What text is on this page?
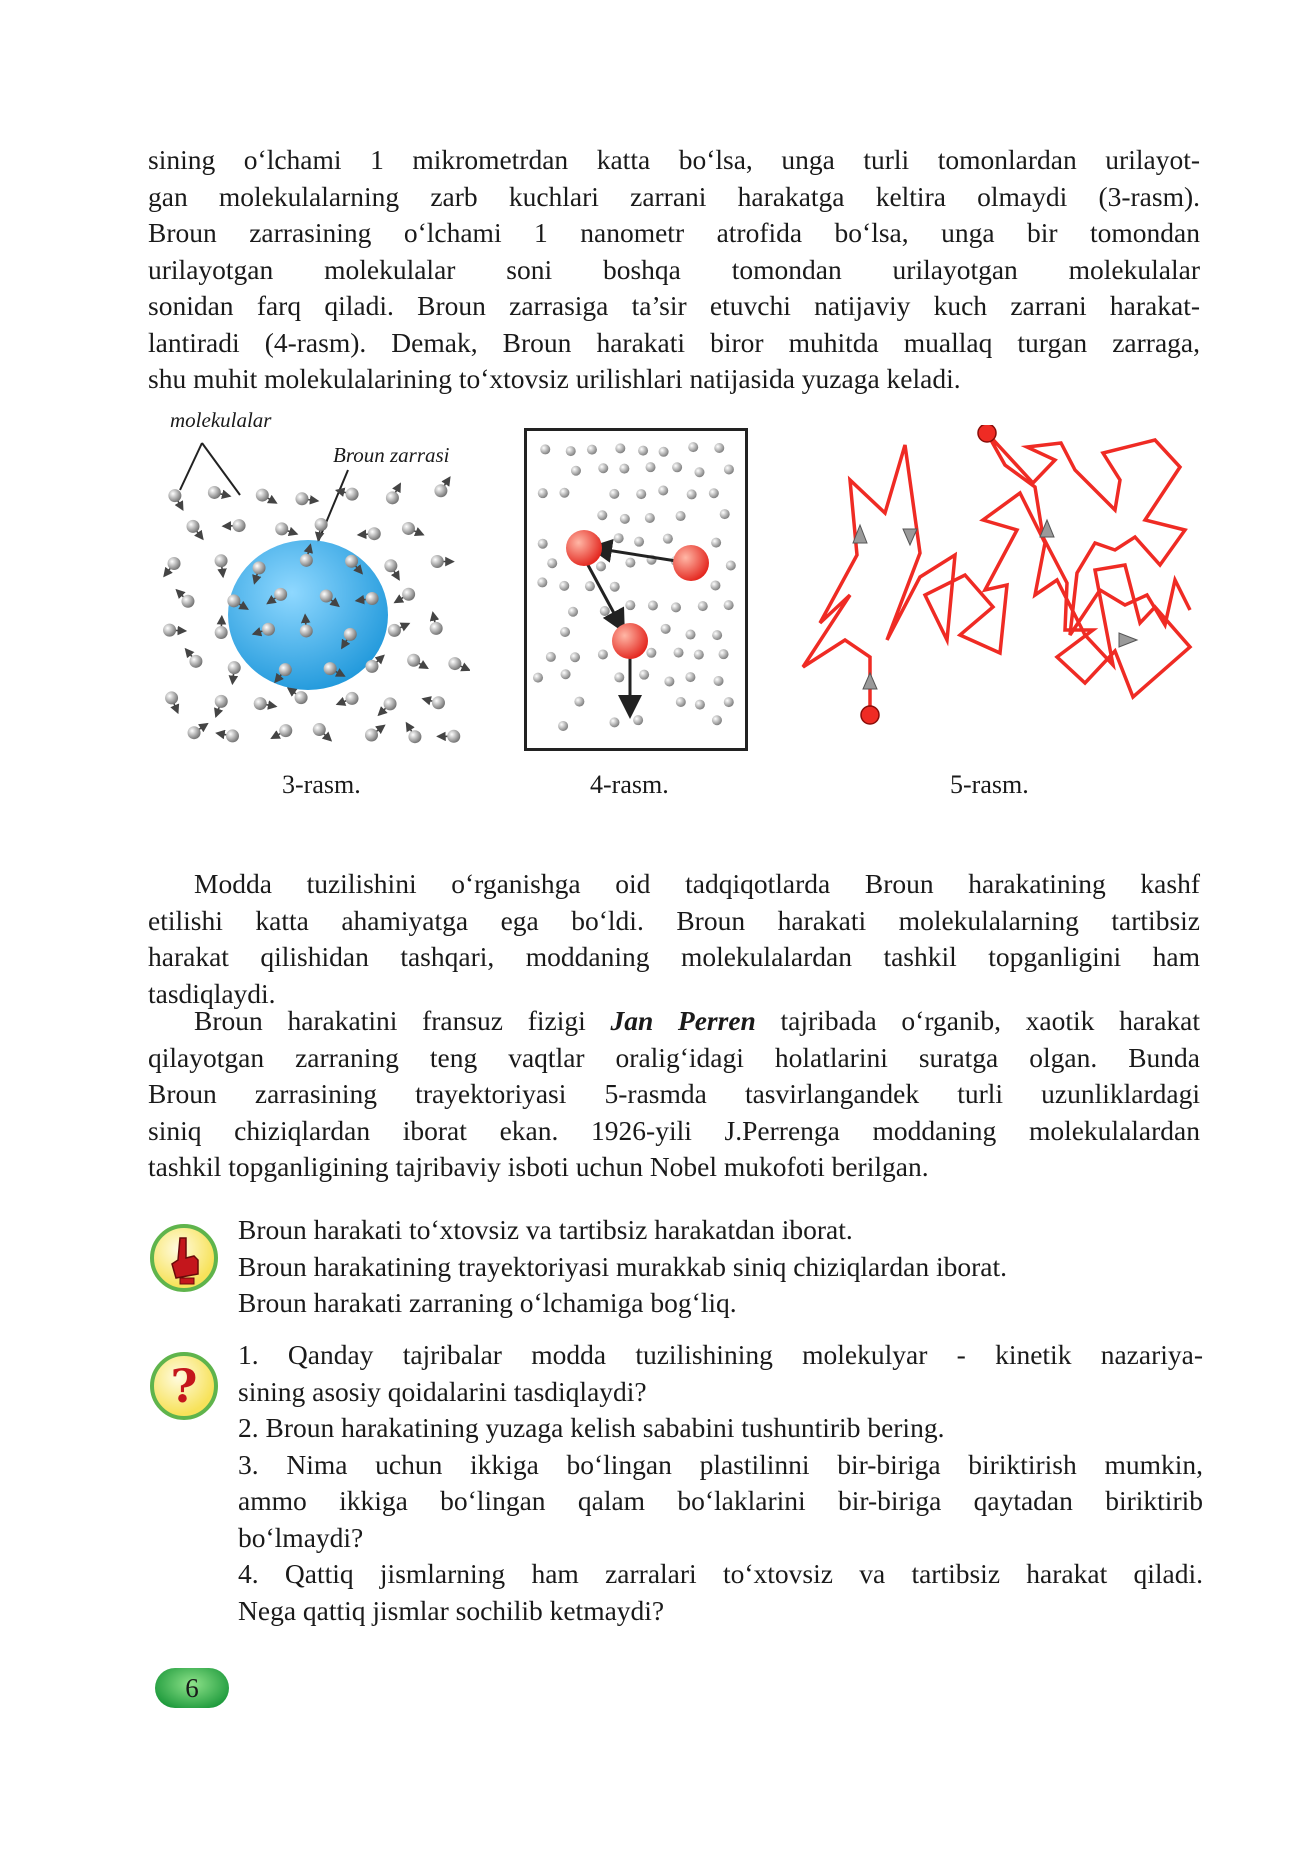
sining o‘lchami 1 mikrometrdan katta bo‘lsa, unga turli tomonlardan urilayot-
gan molekulalarning zarb kuchlari zarrani harakatga keltira olmaydi (3-rasm).
Broun zarrasining o‘lchami 1 nanometr atrofida bo‘lsa, unga bir tomondan
urilayotgan molekulalar soni boshqa tomondan urilayotgan molekulalar
sonidan farq qiladi. Broun zarrasiga ta’sir etuvchi natijaviy kuch zarrani harakat-
lantiradi (4-rasm). Demak, Broun harakati biror muhitda muallaq turgan zarraga,
shu muhit molekulalarining to‘xtovsiz urilishlari natijasida yuzaga keladi.
molekulalar
Broun zarrasi
3-rasm.	4-rasm.	5-rasm.
Modda tuzilishini o‘rganishga oid tadqiqotlarda Broun harakatining kashf
etilishi katta ahamiyatga ega bo‘ldi. Broun harakati molekulalarning tartibsiz
harakat qilishidan tashqari, moddaning molekulalardan tashkil topganligini ham
tasdiqlaydi.
Broun harakatini fransuz fizigi Jan Perren tajribada o‘rganib, xaotik harakat
qilayotgan zarraning teng vaqtlar oralig‘idagi holatlarini suratga olgan. Bunda
Broun zarrasining trayektoriyasi 5-rasmda tasvirlangandek turli uzunliklardagi
siniq chiziqlardan iborat ekan. 1926-yili J.Perrenga moddaning molekulalardan
tashkil topganligining tajribaviy isboti uchun Nobel mukofoti berilgan.
Broun harakati to‘xtovsiz va tartibsiz harakatdan iborat.
Broun harakatining trayektoriyasi murakkab siniq chiziqlardan iborat.
Broun harakati zarraning o‘lchamiga bog‘liq.
?
1. Qanday tajribalar modda tuzilishining molekulyar - kinetik nazariya-
sining asosiy qoidalarini tasdiqlaydi?
2. Broun harakatining yuzaga kelish sababini tushuntirib bering.
3. Nima uchun ikkiga bo‘lingan plastilinni bir-biriga biriktirish mumkin,
ammo ikkiga bo‘lingan qalam bo‘laklarini bir-biriga qaytadan biriktirib
bo‘lmaydi?
4. Qattiq jismlarning ham zarralari to‘xtovsiz va tartibsiz harakat qiladi.
Nega qattiq jismlar sochilib ketmaydi?
6
